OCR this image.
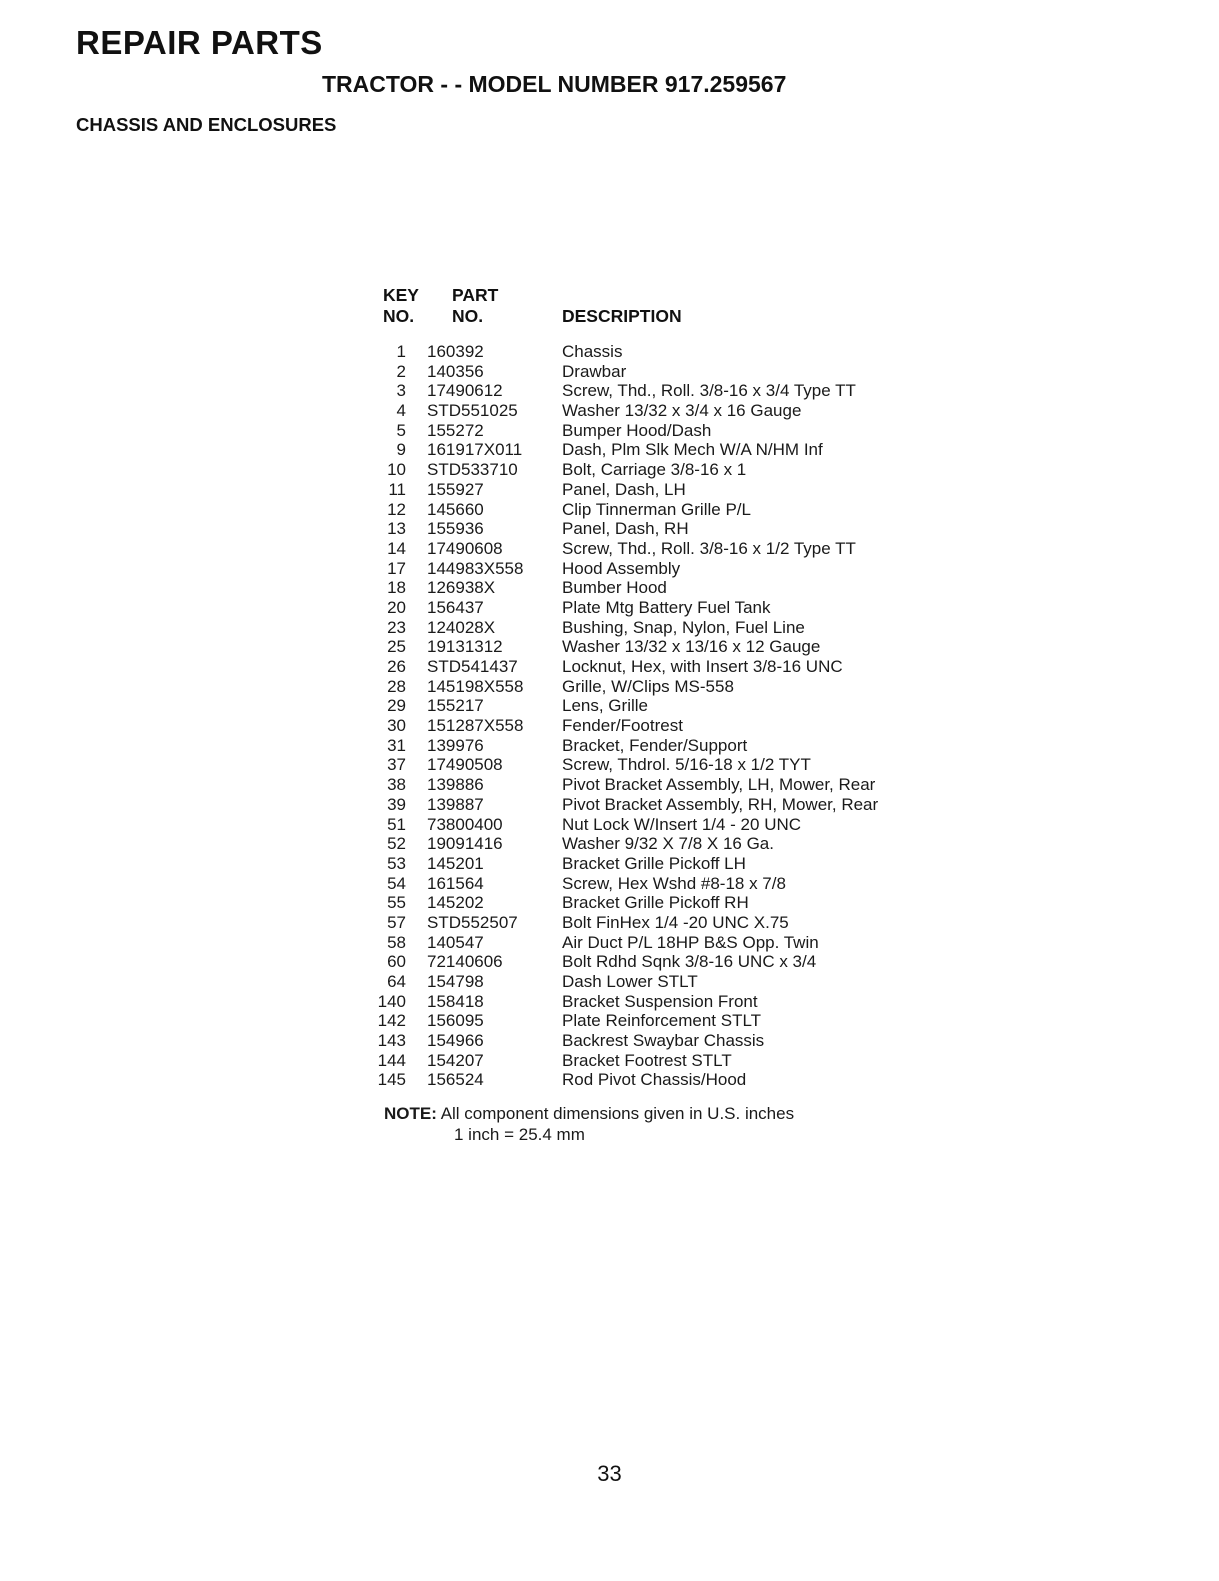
REPAIR PARTS
TRACTOR - - MODEL NUMBER 917.259567
CHASSIS AND ENCLOSURES
KEY
NO.
PART
NO.	DESCRIPTION
1	160392	Chassis
2	140356	Drawbar
3	17490612	Screw, Thd., Roll. 3/8-16 x 3/4 Type TT
4	STD551025	Washer 13/32 x 3/4 x 16 Gauge
5	155272	Bumper Hood/Dash
9	161917X011	Dash, Plm Slk Mech W/A N/HM Inf
10	STD533710	Bolt, Carriage 3/8-16 x 1
11	155927	Panel, Dash, LH
12	145660	Clip Tinnerman Grille P/L
13	155936	Panel, Dash, RH
14	17490608	Screw, Thd., Roll. 3/8-16 x 1/2 Type TT
17	144983X558	Hood Assembly
18	126938X	Bumber Hood
20	156437	Plate Mtg Battery Fuel Tank
23	124028X	Bushing, Snap, Nylon, Fuel Line
25	19131312	Washer 13/32 x 13/16 x 12 Gauge
26	STD541437	Locknut, Hex, with Insert 3/8-16 UNC
28	145198X558	Grille, W/Clips MS-558
29	155217	Lens, Grille
30	151287X558	Fender/Footrest
31	139976	Bracket, Fender/Support
37	17490508	Screw, Thdrol. 5/16-18 x 1/2 TYT
38	139886	Pivot Bracket Assembly, LH, Mower, Rear
39	139887	Pivot Bracket Assembly, RH, Mower, Rear
51	73800400	Nut Lock W/Insert 1/4 - 20 UNC
52	19091416	Washer 9/32 X 7/8 X 16 Ga.
53	145201	Bracket Grille Pickoff LH
54	161564	Screw, Hex Wshd #8-18 x 7/8
55	145202	Bracket Grille Pickoff RH
57	STD552507	Bolt FinHex 1/4 -20 UNC X.75
58	140547	Air Duct P/L 18HP B&S Opp. Twin
60	72140606	Bolt Rdhd Sqnk 3/8-16 UNC x 3/4
64	154798	Dash Lower STLT
140	158418	Bracket Suspension Front
142	156095	Plate Reinforcement STLT
143	154966	Backrest Swaybar Chassis
144	154207	Bracket Footrest STLT
145	156524	Rod Pivot Chassis/Hood
NOTE: All component dimensions given in U.S. inches
1 inch = 25.4 mm
33
